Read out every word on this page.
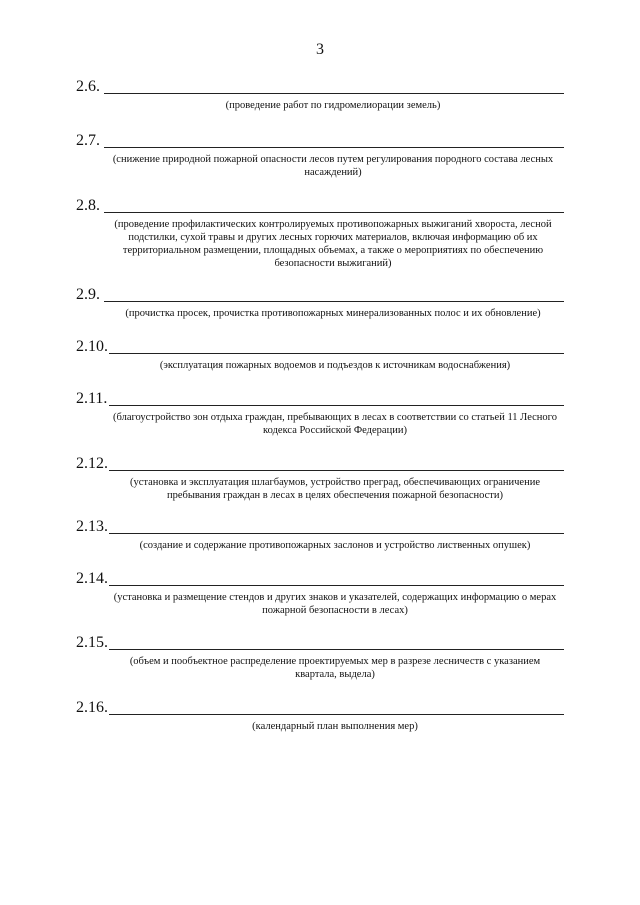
3
2.6.
(проведение работ по гидромелиорации земель)
2.7.
(снижение природной пожарной опасности лесов путем регулирования породного состава лесных насаждений)
2.8.
(проведение профилактических контролируемых противопожарных выжиганий хвороста, лесной подстилки, сухой травы и других лесных горючих материалов, включая информацию об их территориальном размещении, площадных объемах, а также о мероприятиях по обеспечению безопасности выжиганий)
2.9.
(прочистка просек, прочистка противопожарных минерализованных полос и их обновление)
2.10.
(эксплуатация пожарных водоемов и подъездов к источникам водоснабжения)
2.11.
(благоустройство зон отдыха граждан, пребывающих в лесах в соответствии со статьей 11 Лесного кодекса Российской Федерации)
2.12.
(установка и эксплуатация шлагбаумов, устройство преград, обеспечивающих ограничение пребывания граждан в лесах в целях обеспечения пожарной безопасности)
2.13.
(создание и содержание противопожарных заслонов и устройство лиственных опушек)
2.14.
(установка и размещение стендов и других знаков и указателей, содержащих информацию о мерах пожарной безопасности в лесах)
2.15.
(объем и пообъектное распределение проектируемых мер в разрезе лесничеств с указанием квартала, выдела)
2.16.
(календарный план выполнения мер)
